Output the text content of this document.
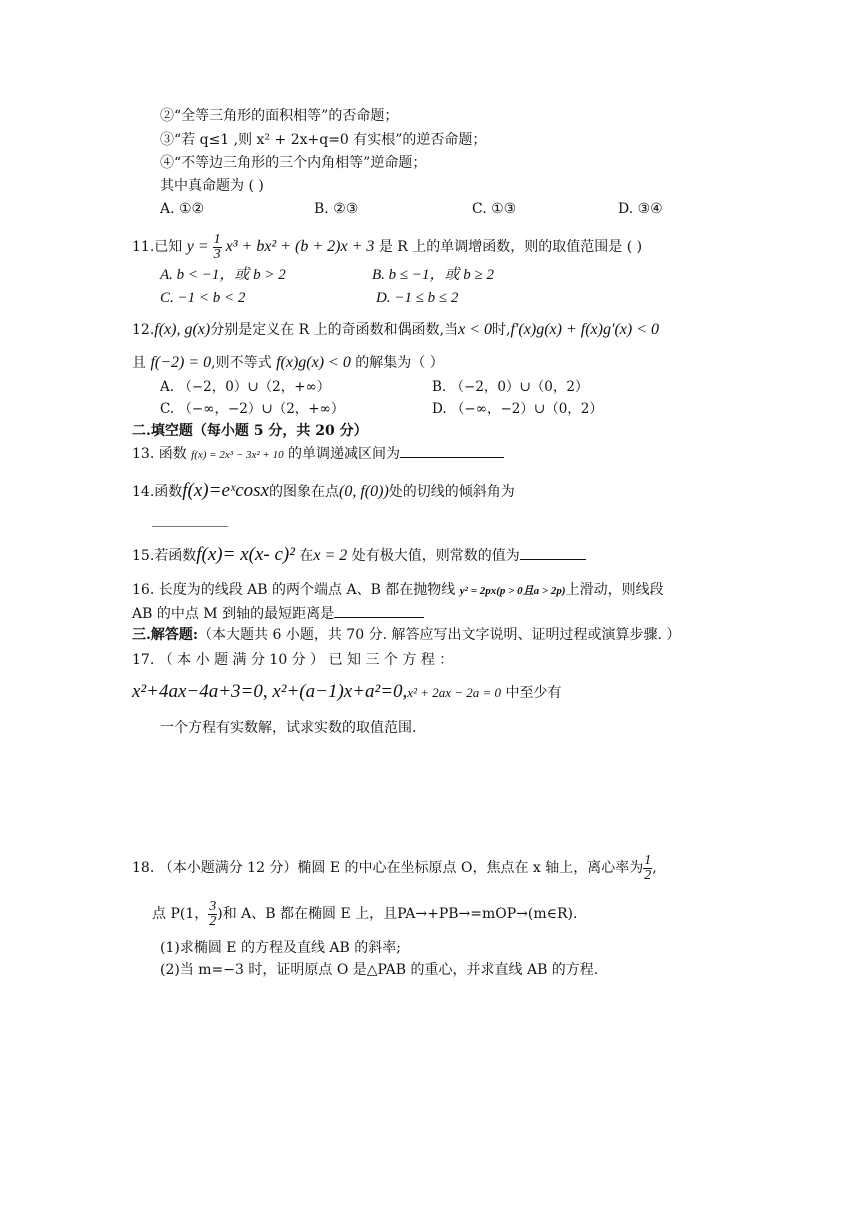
②“全等三角形的面积相等”的否命题；
③“若 q≤1 ,则 x² + 2x+q=0 有实根”的逆否命题；
④“不等边三角形的三个内角相等”逆命题；
其中真命题为 ( )
A. ①②	B. ②③	C. ①③	D. ③④
11.已知 $y = \frac{1}{3} x^3 + bx^2 + (b + 2)x + 3$ 是 R 上的单调增函数，则的取值范围是 ( )
A. b < −1，或 b > 2	B. b ≤ −1，或 b ≥ 2
C. −1 < b < 2	D. −1 ≤ b ≤ 2
12.f(x), g(x)分别是定义在 R 上的奇函数和偶函数,当x < 0时,f′(x)g(x) + f(x)g′(x) < 0
且 f(−2) = 0,则不等式 f(x)g(x) < 0 的解集为（ ）
A. （−2，0）∪（2，+∞）	B. （−2，0）∪（0，2）
C. （−∞，−2）∪（2，+∞）	D. （−∞，−2）∪（0，2）
二.填空题（每小题 5 分，共 20 分）
13. 函数 f(x) = 2x³ − 3x² + 10 的单调递减区间为
14.函数f(x)=eˣcosx的图象在点(0, f(0))处的切线的倾斜角为
15.若函数f(x)= x(x- c)² 在x = 2 处有极大值，则常数的值为
16. 长度为的线段 AB 的两个端点 A、B 都在抛物线 y² = 2px(p > 0且a > 2p)上滑动，则线段
AB 的中点 M 到轴的最短距离是
三.解答题:（本大题共 6 小题，共 70 分. 解答应写出文字说明、证明过程或演算步骤. ）
17. （ 本 小 题 满 分 10 分 ） 已 知 三 个 方 程 ：
x²+4ax−4a+3=0, x²+(a−1)x+a²=0,x² + 2ax − 2a = 0 中至少有
一个方程有实数解，试求实数的取值范围.
18. （本小题满分 12 分）椭圆 E 的中心在坐标原点 O，焦点在 x 轴上，离心率为 $\frac{1}{2}$ ,
点 P(1， $\frac{3}{2}$ )和 A、B 都在椭圆 E 上，且PA→+PB→=mOP→(m∈R).
(1)求椭圆 E 的方程及直线 AB 的斜率;
(2)当 m=−3 时，证明原点 O 是△PAB 的重心，并求直线 AB 的方程.
